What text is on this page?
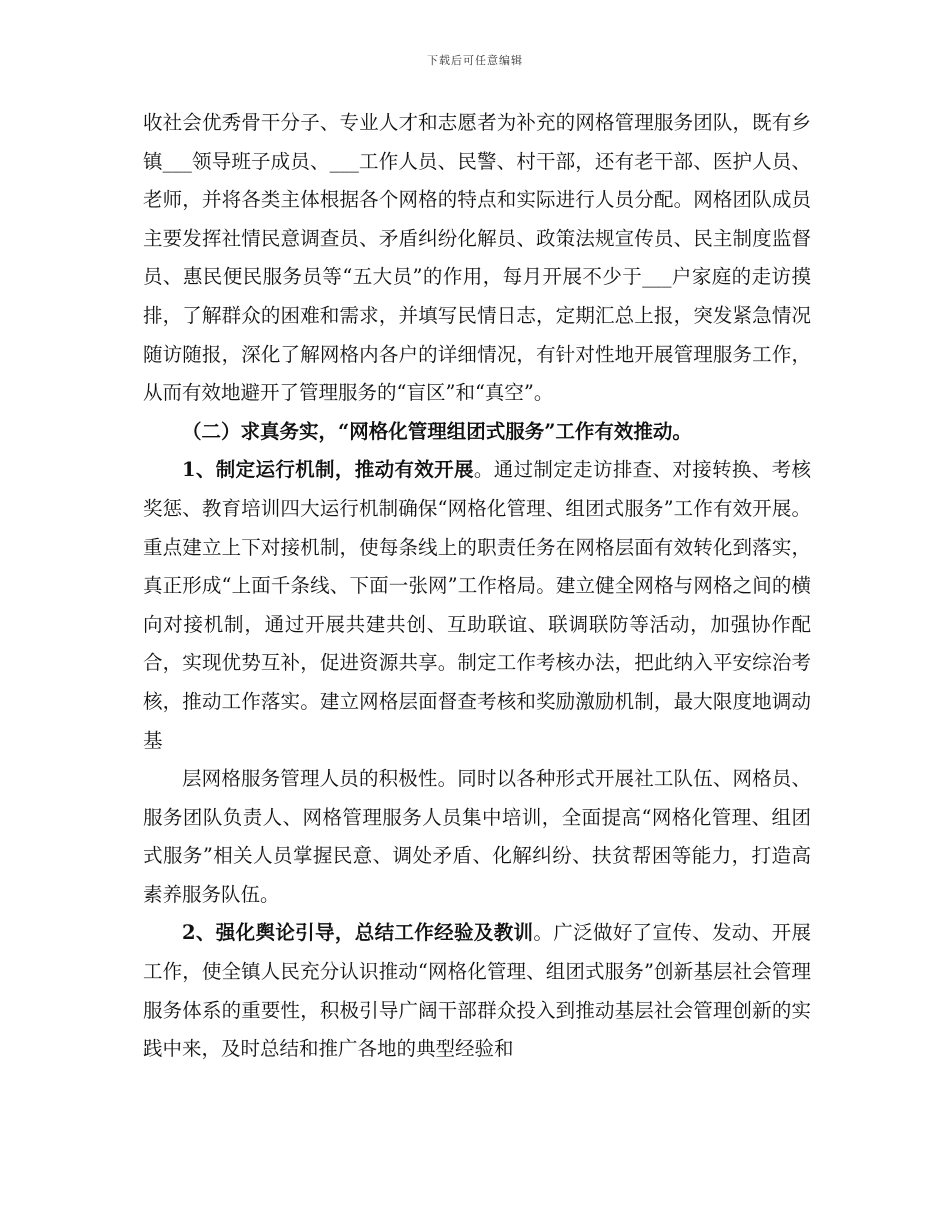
下载后可任意编辑

收社会优秀骨干分子、专业人才和志愿者为补充的网格管理服务团队，既有乡镇___领导班子成员、___工作人员、民警、村干部，还有老干部、医护人员、老师，并将各类主体根据各个网格的特点和实际进行人员分配。网格团队成员主要发挥社情民意调查员、矛盾纠纷化解员、政策法规宣传员、民主制度监督员、惠民便民服务员等“五大员”的作用，每月开展不少于___户家庭的走访摸排，了解群众的困难和需求，并填写民情日志，定期汇总上报，突发紧急情况随访随报，深化了解网格内各户的详细情况，有针对性地开展管理服务工作，从而有效地避开了管理服务的“盲区”和“真空”。

（二）求真务实，“网格化管理组团式服务”工作有效推动。

1、制定运行机制，推动有效开展。通过制定走访排查、对接转换、考核奖惩、教育培训四大运行机制确保“网格化管理、组团式服务”工作有效开展。重点建立上下对接机制，使每条线上的职责任务在网格层面有效转化到落实，真正形成“上面千条线、下面一张网”工作格局。建立健全网格与网格之间的横向对接机制，通过开展共建共创、互助联谊、联调联防等活动，加强协作配合，实现优势互补，促进资源共享。制定工作考核办法，把此纳入平安综治考核，推动工作落实。建立网格层面督查考核和奖励激励机制，最大限度地调动基

层网格服务管理人员的积极性。同时以各种形式开展社工队伍、网格员、服务团队负责人、网格管理服务人员集中培训，全面提高“网格化管理、组团式服务”相关人员掌握民意、调处矛盾、化解纠纷、扶贫帮困等能力，打造高素养服务队伍。

2、强化舆论引导，总结工作经验及教训。广泛做好了宣传、发动、开展工作，使全镇人民充分认识推动“网格化管理、组团式服务”创新基层社会管理服务体系的重要性，积极引导广阔干部群众投入到推动基层社会管理创新的实践中来，及时总结和推广各地的典型经验和
